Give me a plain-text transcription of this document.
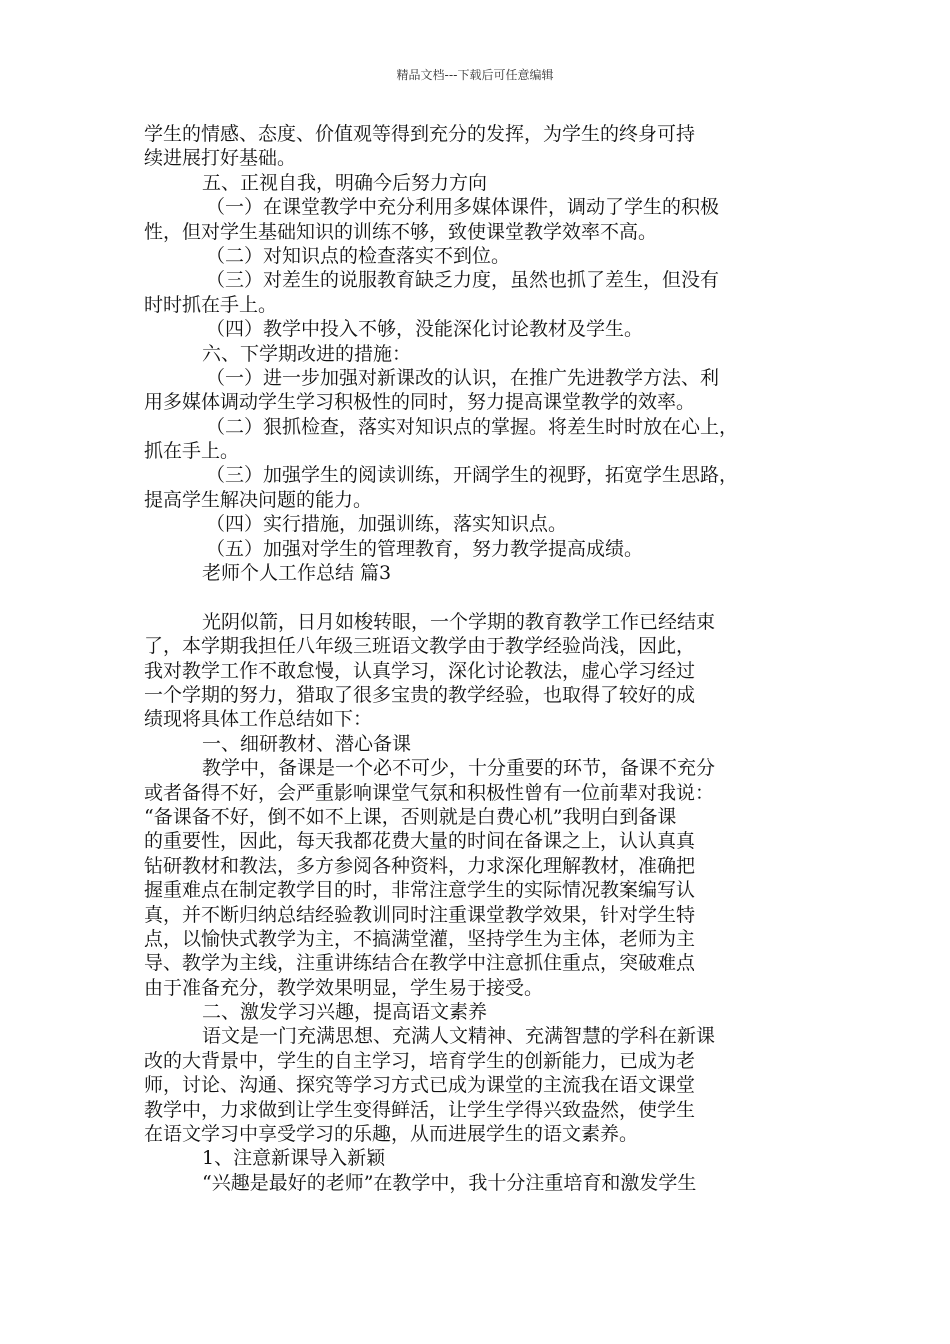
精品文档---下载后可任意编辑
学生的情感、态度、价值观等得到充分的发挥，为学生的终身可持
续进展打好基础。
五、正视自我，明确今后努力方向
（一）在课堂教学中充分利用多媒体课件，调动了学生的积极
性，但对学生基础知识的训练不够，致使课堂教学效率不高。
（二）对知识点的检查落实不到位。
（三）对差生的说服教育缺乏力度，虽然也抓了差生，但没有
时时抓在手上。
（四）教学中投入不够，没能深化讨论教材及学生。
六、下学期改进的措施：
（一）进一步加强对新课改的认识，在推广先进教学方法、利
用多媒体调动学生学习积极性的同时，努力提高课堂教学的效率。
（二）狠抓检查，落实对知识点的掌握。将差生时时放在心上，
抓在手上。
（三）加强学生的阅读训练，开阔学生的视野，拓宽学生思路，
提高学生解决问题的能力。
（四）实行措施，加强训练，落实知识点。
（五）加强对学生的管理教育，努力教学提高成绩。
老师个人工作总结 篇3
光阴似箭，日月如梭转眼，一个学期的教育教学工作已经结束
了，本学期我担任八年级三班语文教学由于教学经验尚浅，因此，
我对教学工作不敢怠慢，认真学习，深化讨论教法，虚心学习经过
一个学期的努力，猎取了很多宝贵的教学经验，也取得了较好的成
绩现将具体工作总结如下：
一、细研教材、潜心备课
教学中，备课是一个必不可少，十分重要的环节，备课不充分
或者备得不好，会严重影响课堂气氛和积极性曾有一位前辈对我说：
“备课备不好，倒不如不上课，否则就是白费心机”我明白到备课
的重要性，因此，每天我都花费大量的时间在备课之上，认认真真
钻研教材和教法，多方参阅各种资料，力求深化理解教材，准确把
握重难点在制定教学目的时，非常注意学生的实际情况教案编写认
真，并不断归纳总结经验教训同时注重课堂教学效果，针对学生特
点，以愉快式教学为主，不搞满堂灌，坚持学生为主体，老师为主
导、教学为主线，注重讲练结合在教学中注意抓住重点，突破难点
由于准备充分，教学效果明显，学生易于接受。
二、激发学习兴趣，提高语文素养
语文是一门充满思想、充满人文精神、充满智慧的学科在新课
改的大背景中，学生的自主学习，培育学生的创新能力，已成为老
师，讨论、沟通、探究等学习方式已成为课堂的主流我在语文课堂
教学中，力求做到让学生变得鲜活，让学生学得兴致盎然，使学生
在语文学习中享受学习的乐趣，从而进展学生的语文素养。
1、注意新课导入新颖
“兴趣是最好的老师”在教学中，我十分注重培育和激发学生
